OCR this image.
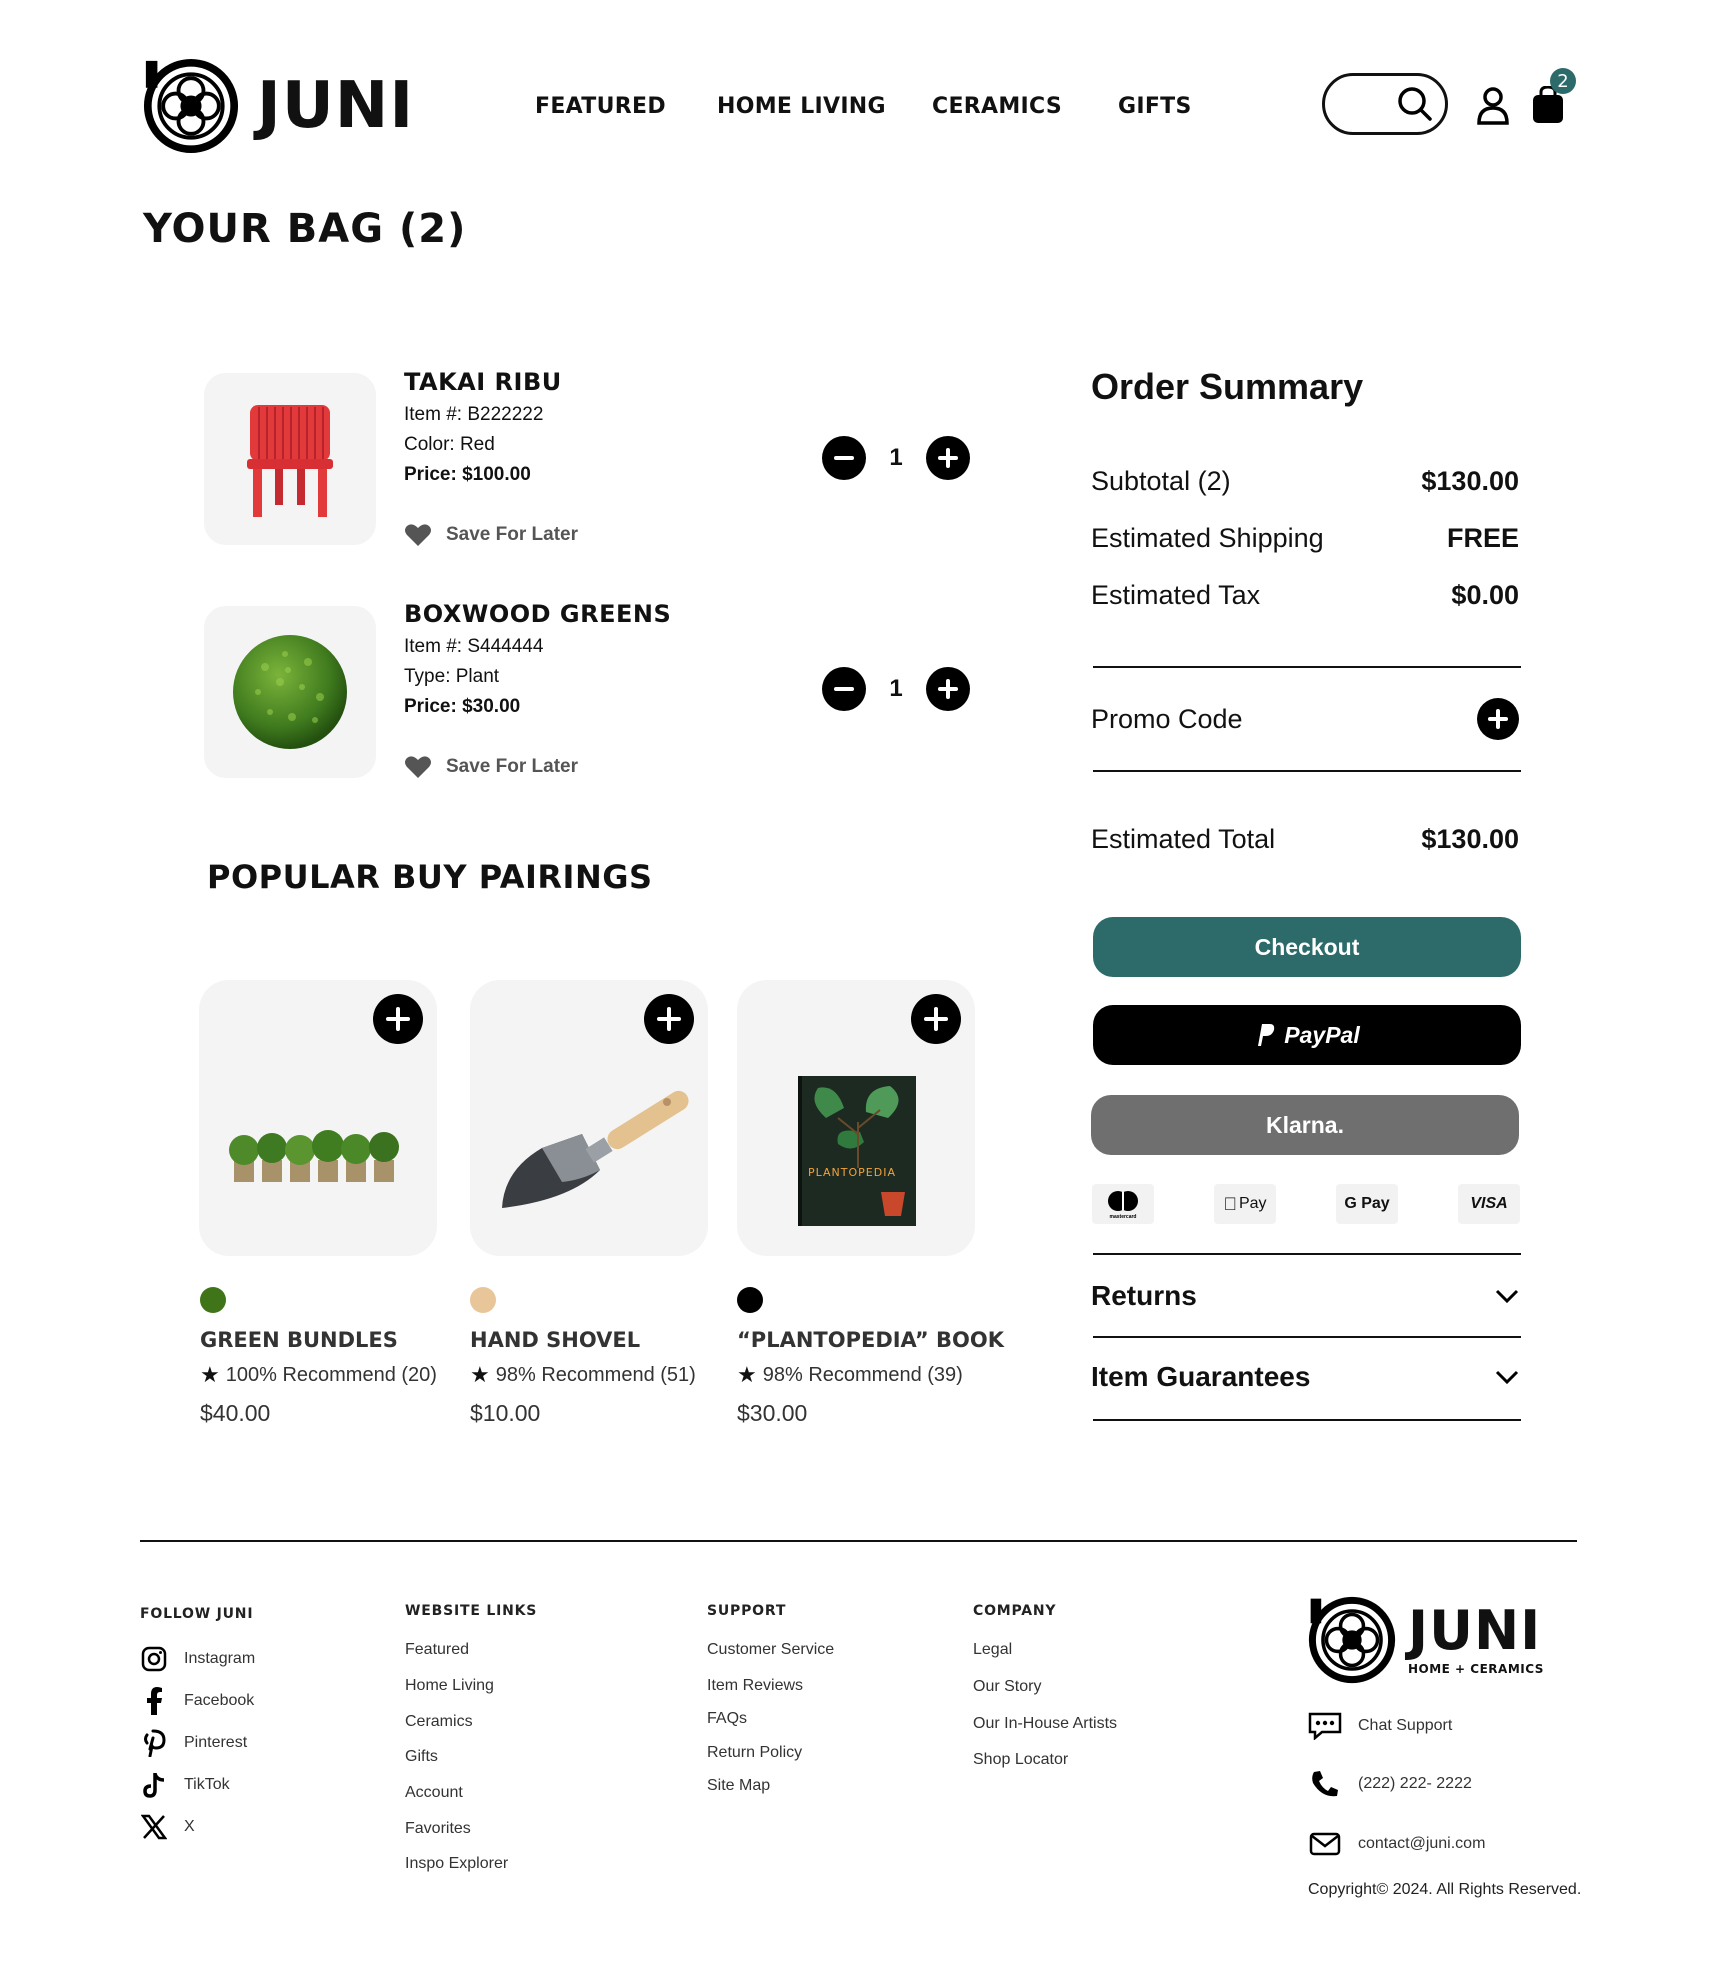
JUNI	FEATURED HOME LIVING CERAMICS	GIFTS
2
YOUR BAG (2)
TAKAI RIBU
Item #: B222222
Color: Red
Price: $100.00
Save For Later
1
BOXWOOD GREENS
Item #: S444444
Type: Plant
Price: $30.00
Save For Later
1
POPULAR BUY PAIRINGS
GREEN BUNDLES
★ 100% Recommend (20)
$40.00
HAND SHOVEL
★ 98% Recommend (51)
$10.00
PLANTOPEDIA
“PLANTOPEDIA” BOOK
★ 98% Recommend (39)
$30.00
Order Summary
Subtotal (2)	$130.00
Estimated Shipping	FREE
Estimated Tax	$0.00
Promo Code
Estimated Total	$130.00
Checkout
PayPal
Klarna.
mastercard
Pay	G Pay	VISA
Returns
Item Guarantees
FOLLOW JUNI
Instagram
Facebook
Pinterest
TikTok
X
WEBSITE LINKS
Featured
Home Living
Ceramics
Gifts
Account
Favorites
Inspo Explorer
SUPPORT
Customer Service
Item Reviews
FAQs
Return Policy
Site Map
COMPANY
Legal
Our Story
Our In-House Artists
Shop Locator
JUNI
HOME + CERAMICS
Chat Support
(222) 222- 2222
contact@juni.com
Copyright© 2024. All Rights Reserved.
